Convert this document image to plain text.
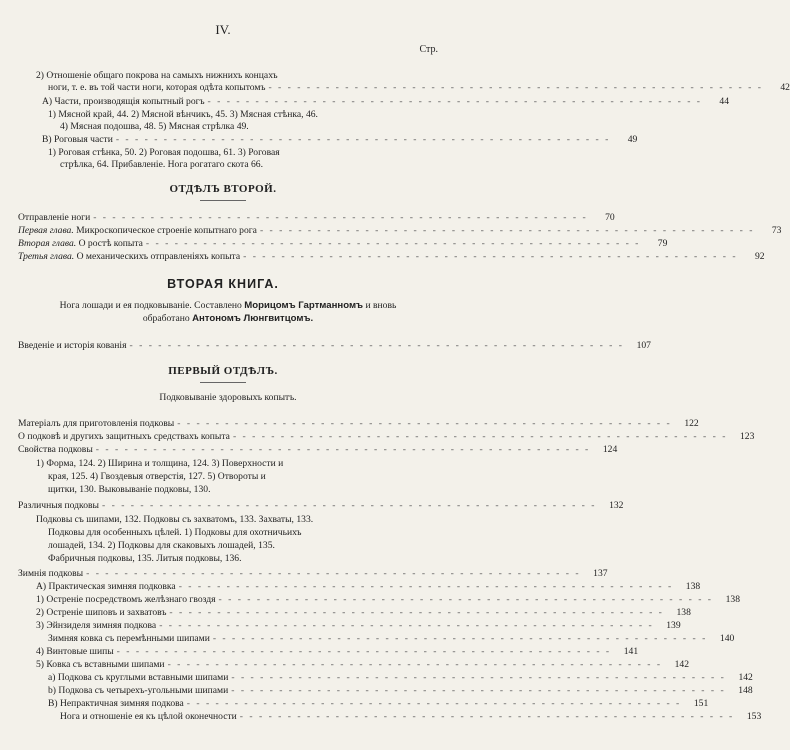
IV.
Стр.
2) Отношеніе общаго покрова на самыхъ нижнихъ концахъ
ноги, т. е. въ той части ноги, которая одѣта копытомъ - - -	42
А) Части, производящія копытный рогъ - - -	44
1) Мясной край, 44. 2) Мясной вѣнчикъ, 45. 3) Мясная стѣнка, 46.
4) Мясная подошва, 48. 5) Мясная стрѣлка 49.
В) Роговыя части - - -	49
1) Роговая стѣнка, 50. 2) Роговая подошва, 61. 3) Роговая
стрѣлка, 64. Прибавленіе. Нога рогатаго скота 66.
ОТДѢЛЪ ВТОРОЙ.
Отправленіе ноги - - -	70
Первая глава. Микроскопическое строеніе копытнаго рога - - -	73
Вторая глава. О ростѣ копыта - - -	79
Третья глава. О механическихъ отправленіяхъ копыта - - -	92
ВТОРАЯ КНИГА.
Нога лошади и ея подковываніе. Составлено Морицомъ Гартманномъ и вновь
обработано Антономъ Люнгвитцомъ.
Введеніе и исторія кованія - - -	107
ПЕРВЫЙ ОТДѢЛЪ.
Подковываніе здоровыхъ копытъ.
Матеріалъ для приготовленія подковы - - -	122
О подковѣ и другихъ защитныхъ средствахъ копыта - - -	123
Свойства подковы - - -	124
1) Форма, 124. 2) Ширина и толщина, 124. 3) Поверхности и
края, 125. 4) Гвоздевыя отверстія, 127. 5) Отвороты и
щитки, 130. Выковываніе подковы, 130.
Различныя подковы - - -	132
Подковы съ шипами, 132. Подковы съ захватомъ, 133. Захваты, 133.
Подковы для особенныхъ цѣлей. 1) Подковы для охотничьихъ
лошадей, 134. 2) Подковы для скаковыхъ лошадей, 135.
Фабричныя подковы, 135. Литыя подковы, 136.
Зимнія подковы - - -	137
А) Практическая зимняя подковка - - -	138
1) Остреніе посредствомъ желѣзнаго гвоздя - - -	138
2) Остреніе шиповъ и захватовъ - - -	138
3) Эйнзиделя зимняя подкова - - -	139
Зимняя ковка съ перемѣнными шипами - - -	140
4) Винтовые шипы - - -	141
5) Ковка съ вставными шипами - - -	142
a) Подкова съ круглыми вставными шипами - - -	142
b) Подкова съ четырехъ-угольными шипами - - -	148
B) Непрактичная зимняя подкова - - -	151
Нога и отношеніе ея къ цѣлой оконечности - - -	153
